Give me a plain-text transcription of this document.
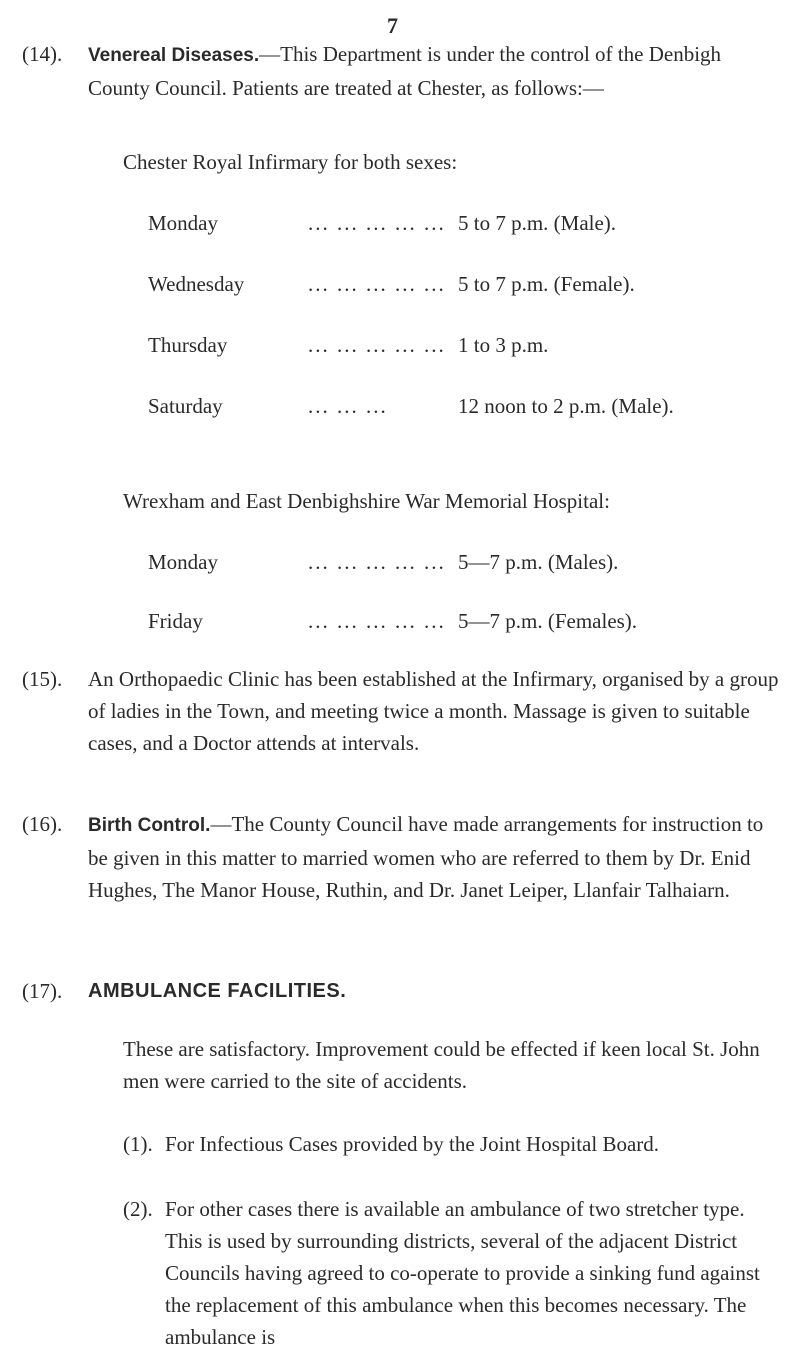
7
(14). Venereal Diseases.—This Department is under the control of the Denbigh County Council. Patients are treated at Chester, as follows:—
Chester Royal Infirmary for both sexes:
Monday	... ... ... ... ... 5 to 7 p.m. (Male).
Wednesday	... ... ... ... ... 5 to 7 p.m. (Female).
Thursday	... ... ... ... ... 1 to 3 p.m.
Saturday	... ... ...	12 noon to 2 p.m. (Male).
Wrexham and East Denbighshire War Memorial Hospital:
Monday	... ... ... ... ... 5—7 p.m. (Males).
Friday	... ... ... ... ... 5—7 p.m. (Females).
(15). An Orthopaedic Clinic has been established at the Infirmary, organised by a group of ladies in the Town, and meeting twice a month. Massage is given to suitable cases, and a Doctor attends at intervals.
(16). Birth Control.—The County Council have made arrangements for instruction to be given in this matter to married women who are referred to them by Dr. Enid Hughes, The Manor House, Ruthin, and Dr. Janet Leiper, Llanfair Talhaiarn.
(17). AMBULANCE FACILITIES.
These are satisfactory. Improvement could be effected if keen local St. John men were carried to the site of accidents.
(1). For Infectious Cases provided by the Joint Hospital Board.
(2). For other cases there is available an ambulance of two stretcher type. This is used by surrounding districts, several of the adjacent District Councils having agreed to co-operate to provide a sinking fund against the replacement of this ambulance when this becomes necessary. The ambulance is
